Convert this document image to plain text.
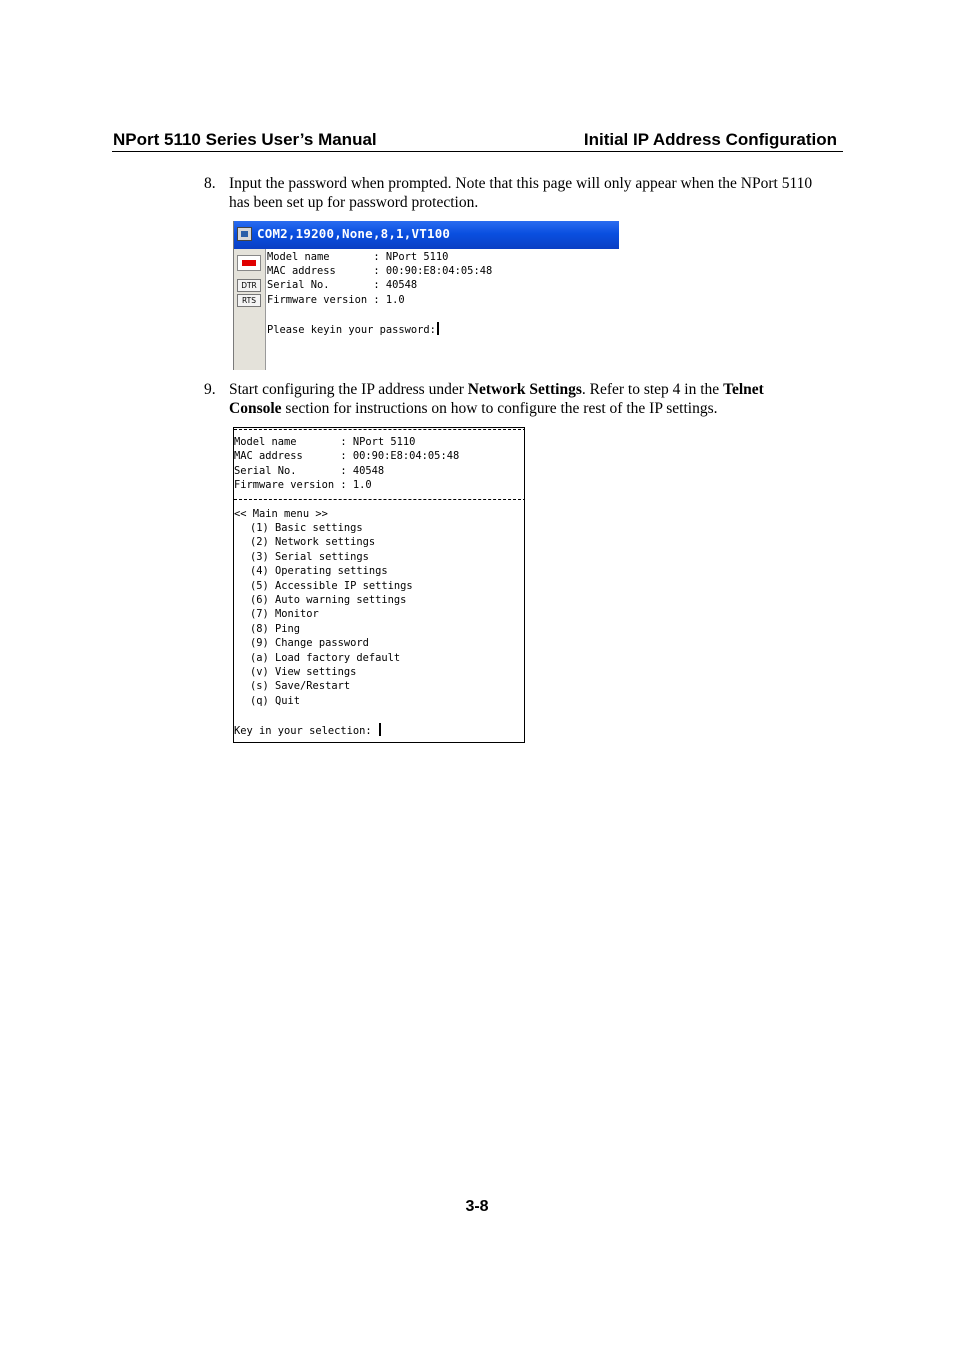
NPort 5110 Series User’s Manual	Initial IP Address Configuration
8. Input the password when prompted. Note that this page will only appear when the NPort 5110
has been set up for password protection.
COM2,19200,None,8,1,VT100
DTR
RTS
Model name       : NPort 5110
MAC address      : 00:90:E8:04:05:48
Serial No.       : 40548
Firmware version : 1.0
Please keyin your password:
9. Start configuring the IP address under Network Settings. Refer to step 4 in the Telnet
Console section for instructions on how to configure the rest of the IP settings.
Model name       : NPort 5110
MAC address      : 00:90:E8:04:05:48
Serial No.       : 40548
Firmware version : 1.0
<< Main menu >>
(1) Basic settings
(2) Network settings
(3) Serial settings
(4) Operating settings
(5) Accessible IP settings
(6) Auto warning settings
(7) Monitor
(8) Ping
(9) Change password
(a) Load factory default
(v) View settings
(s) Save/Restart
(q) Quit
Key in your selection:
3-8
